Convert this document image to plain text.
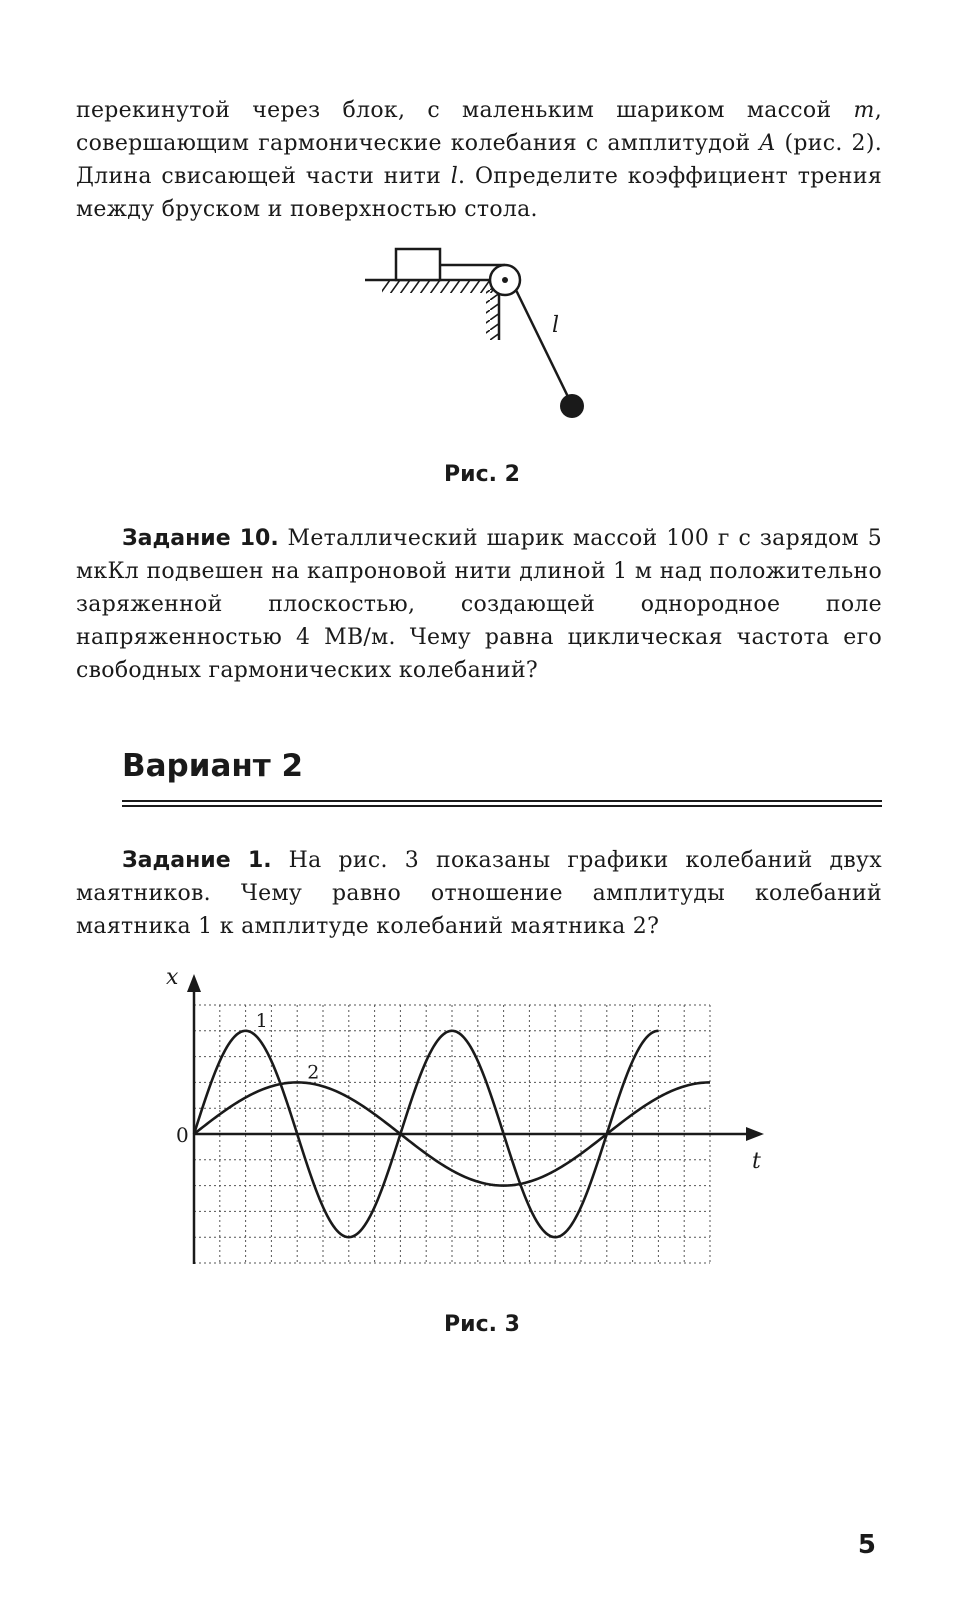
перекинутой через блок, с маленьким шариком массой m, совершающим гармонические колебания с амплитудой A (рис. 2). Длина свисающей части нити l. Определите коэффициент трения между бруском и поверхностью стола.
l
Рис. 2
Задание 10. Металлический шарик массой 100 г с зарядом 5 мкКл подвешен на капроновой нити длиной 1 м над положительно заряженной плоскостью, создающей однородное поле напряженностью 4 МВ/м. Чему равна циклическая частота его свободных гармонических колебаний?
Вариант 2
Задание 1. На рис. 3 показаны графики колебаний двух маятников. Чему равно отношение амплитуды колебаний маятника 1 к амплитуде колебаний маятника 2?
t
x
0
1
2
Рис. 3
5
